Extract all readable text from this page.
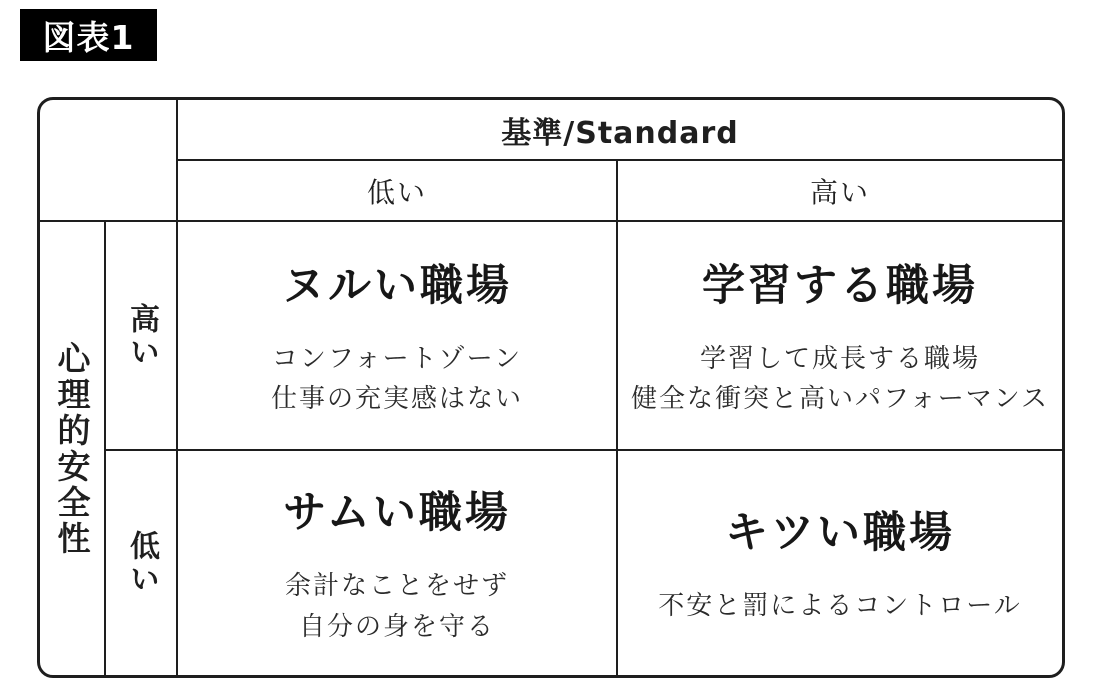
図表1
基準/Standard
低い	高い
心理的安全性
高い
ヌルい職場
コンフォートゾーン
仕事の充実感はない
学習する職場
学習して成長する職場
健全な衝突と高いパフォーマンス
低い
サムい職場
余計なことをせず
自分の身を守る
キツい職場
不安と罰によるコントロール
